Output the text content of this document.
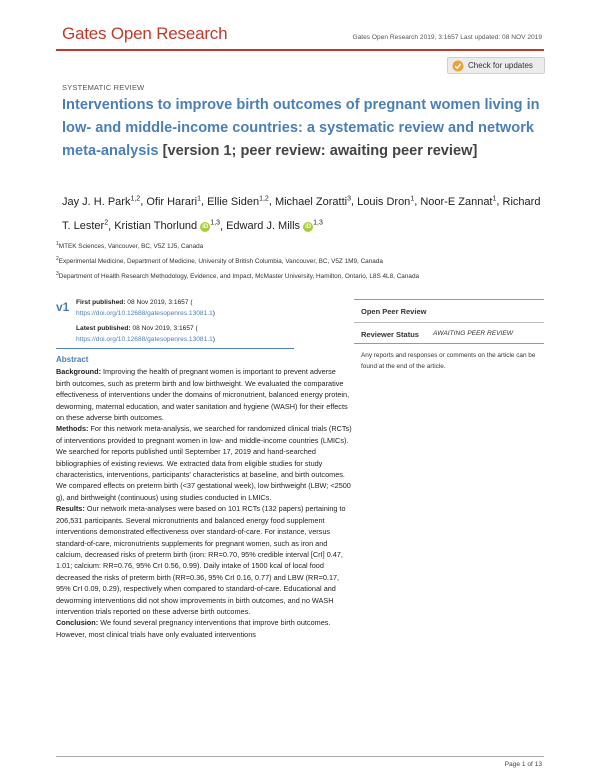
Gates Open Research	Gates Open Research 2019, 3:1657 Last updated: 08 NOV 2019
Check for updates
SYSTEMATIC REVIEW
Interventions to improve birth outcomes of pregnant women living in low- and middle-income countries: a systematic review and network meta-analysis [version 1; peer review: awaiting peer review]
Jay J. H. Park$^{1,2}$, Ofir Harari$^1$, Ellie Siden$^{1,2}$, Michael Zoratti$^3$, Louis Dron$^1$, Noor-E Zannat$^1$, Richard T. Lester$^2$, Kristian Thorlund iD$^{1,3}$, Edward J. Mills iD$^{1,3}$
$^1$MTEK Sciences, Vancouver, BC, V5Z 1J5, Canada
$^2$Experimental Medicine, Department of Medicine, University of British Columbia, Vancouver, BC, V5Z 1M9, Canada
$^3$Department of Health Research Methodology, Evidence, and Impact, McMaster University, Hamilton, Ontario, L8S 4L8, Canada
v1 First published: 08 Nov 2019, 3:1657 (
https://doi.org/10.12688/gatesopenres.13081.1)
Latest published: 08 Nov 2019, 3:1657 (
https://doi.org/10.12688/gatesopenres.13081.1)
Abstract

Background: Improving the health of pregnant women is important to prevent adverse birth outcomes, such as preterm birth and low birthweight. We evaluated the comparative effectiveness of interventions under the domains of micronutrient, balanced energy protein, deworming, maternal education, and water sanitation and hygiene (WASH) for their effects on these adverse birth outcomes.

Methods: For this network meta-analysis, we searched for randomized clinical trials (RCTs) of interventions provided to pregnant women in low- and middle-income countries (LMICs). We searched for reports published until September 17, 2019 and hand-searched bibliographies of existing reviews. We extracted data from eligible studies for study characteristics, interventions, participants' characteristics at baseline, and birth outcomes. We compared effects on preterm birth (<37 gestational week), low birthweight (LBW; <2500 g), and birthweight (continuous) using studies conducted in LMICs.

Results: Our network meta-analyses were based on 101 RCTs (132 papers) pertaining to 206,531 participants. Several micronutrients and balanced energy food supplement interventions demonstrated effectiveness over standard-of-care. For instance, versus standard-of-care, micronutrients supplements for pregnant women, such as iron and calcium, decreased risks of preterm birth (iron: RR=0.70, 95% credible interval [CrI] 0.47, 1.01; calcium: RR=0.76, 95% CrI 0.56, 0.99). Daily intake of 1500 kcal of local food decreased the risks of preterm birth (RR=0.36, 95% CrI 0.16, 0.77) and LBW (RR=0.17, 95% CrI 0.09, 0.29), respectively when compared to standard-of-care. Educational and deworming interventions did not show improvements in birth outcomes, and no WASH intervention trials reported on these adverse birth outcomes.

Conclusion: We found several pregnancy interventions that improve birth outcomes. However, most clinical trials have only evaluated interventions

Open Peer Review
Reviewer Status AWAITING PEER REVIEW
Any reports and responses or comments on the article can be found at the end of the article.
Page 1 of 13
